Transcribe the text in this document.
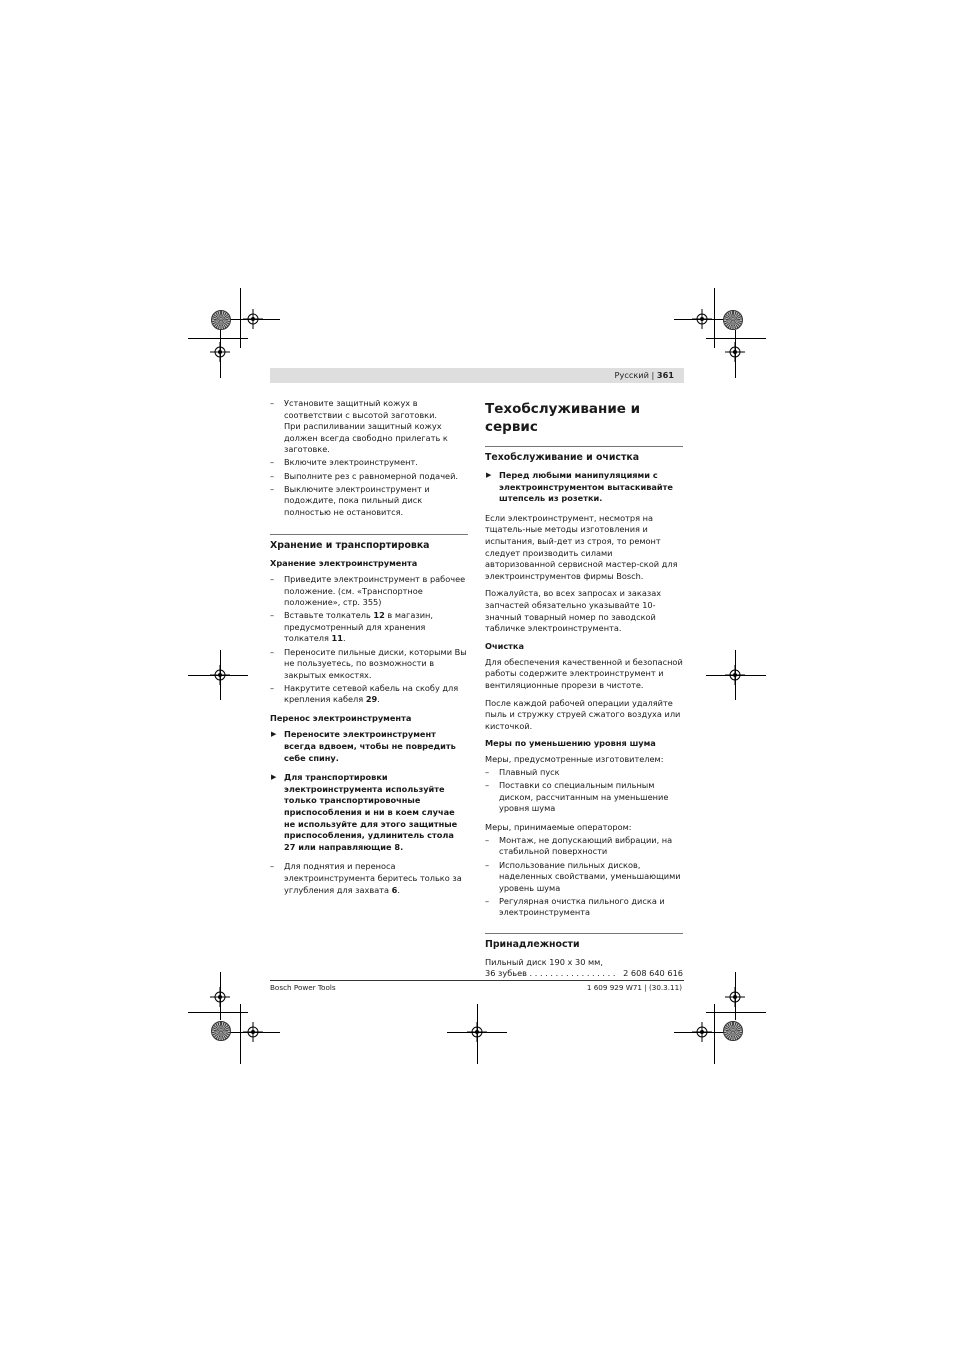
Русский | 361
– Установите защитный кожух в соответствии с высотой заготовки.
При распиливании защитный кожух должен всегда свободно прилегать к заготовке.
– Включите электроинструмент.
– Выполните рез с равномерной подачей.
– Выключите электроинструмент и подождите, пока пильный диск полностью не остановится.
Хранение и транспортировка
Хранение электроинструмента
– Приведите электроинструмент в рабочее положение. (см. «Транспортное положение», стр. 355)
– Вставьте толкатель 12 в магазин, предусмотренный для хранения толкателя 11.
– Переносите пильные диски, которыми Вы не пользуетесь, по возможности в закрытых емкостях.
– Накрутите сетевой кабель на скобу для крепления кабеля 29.
Перенос электроинструмента
▶ Переносите электроинструмент всегда вдвоем, чтобы не повредить себе спину.
▶ Для транспортировки электроинструмента используйте только транспортировочные приспособления и ни в коем случае не используйте для этого защитные приспособления, удлинитель стола 27 или направляющие 8.
– Для поднятия и переноса электроинструмента беритесь только за углубления для захвата 6.
Техобслуживание и сервис
Техобслуживание и очистка
▶ Перед любыми манипуляциями с электроинструментом вытаскивайте штепсель из розетки.

Если электроинструмент, несмотря на тщатель-ные методы изготовления и испытания, вый-дет из строя, то ремонт следует производить силами авторизованной сервисной мастер-ской для электроинструментов фирмы Bosch.

Пожалуйста, во всех запросах и заказах запчастей обязательно указывайте 10-значный товарный номер по заводской табличке электроинструмента.

Очистка

Для обеспечения качественной и безопасной работы содержите электроинструмент и вентиляционные прорези в чистоте.

После каждой рабочей операции удаляйте пыль и стружку струей сжатого воздуха или кисточкой.

Меры по уменьшению уровня шума

Меры, предусмотренные изготовителем:

– Плавный пуск
– Поставки со специальным пильным диском, рассчитанным на уменьшение уровня шума

Меры, принимаемые оператором:

– Монтаж, не допускающий вибрации, на стабильной поверхности
– Использование пильных дисков, наделенных свойствами, уменьшающими уровень шума
– Регулярная очистка пильного диска и электроинструмента
Принадлежности
Пильный диск 190 x 30 мм,
36 зубьев . . . . . . . . . . . . . . . . . 2 608 640 616
Bosch Power Tools	1 609 929 W71 | (30.3.11)
